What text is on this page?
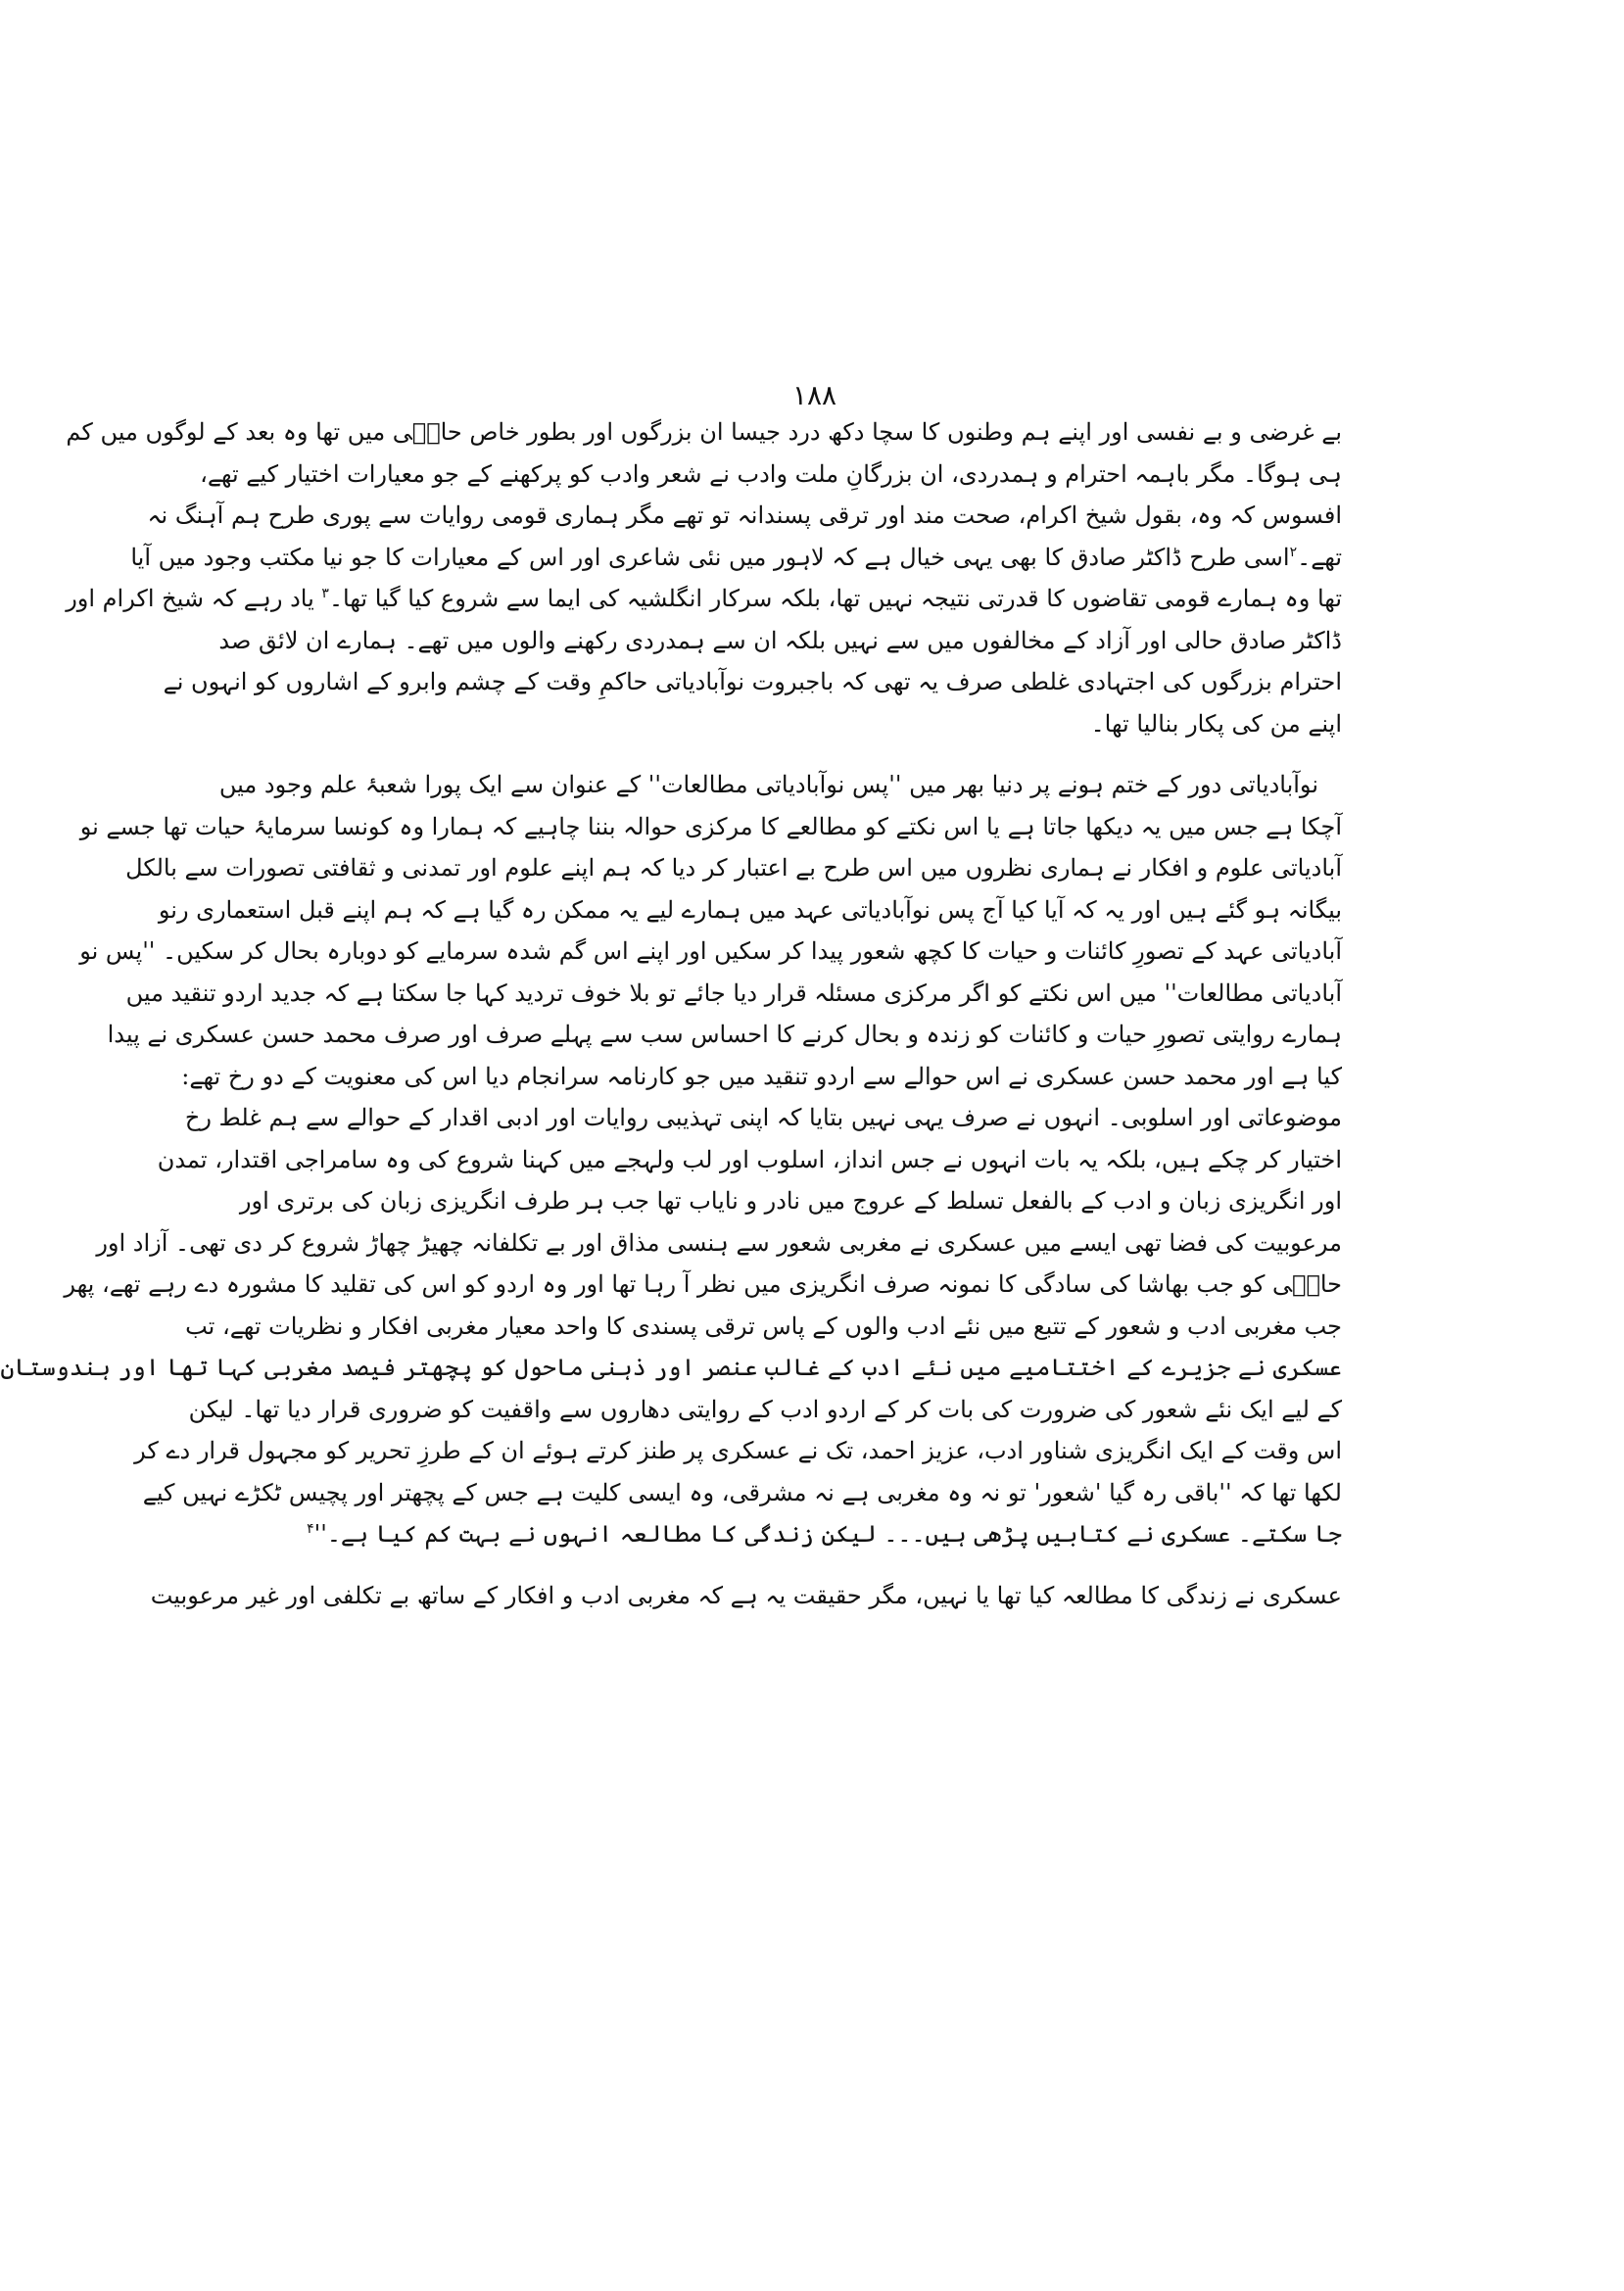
۱۸۸
بے غرضی و بے نفسی اور اپنے ہم وطنوں کا سچا دکھ درد جیسا ان بزرگوں اور بطور خاص حالؔی میں تھا وہ بعد کے لوگوں میں کم
ہی ہوگا۔ مگر باہمہ احترام و ہمدردی، ان بزرگانِ ملت وادب نے شعر وادب کو پرکھنے کے جو معیارات اختیار کیے تھے،
افسوس کہ وہ، بقول شیخ اکرام، صحت مند اور ترقی پسندانہ تو تھے مگر ہماری قومی روایات سے پوری طرح ہم آہنگ نہ
تھے۔$^۲$اسی طرح ڈاکٹر صادق کا بھی یہی خیال ہے کہ لاہور میں نئی شاعری اور اس کے معیارات کا جو نیا مکتب وجود میں آیا
تھا وہ ہمارے قومی تقاضوں کا قدرتی نتیجہ نہیں تھا، بلکہ سرکار انگلشیہ کی ایما سے شروع کیا گیا تھا۔$^۳$ یاد رہے کہ شیخ اکرام اور
ڈاکٹر صادق حالی اور آزاد کے مخالفوں میں سے نہیں بلکہ ان سے ہمدردی رکھنے والوں میں تھے۔ ہمارے ان لائق صد
احترام بزرگوں کی اجتہادی غلطی صرف یہ تھی کہ باجبروت نوآبادیاتی حاکمِ وقت کے چشم وابرو کے اشاروں کو انہوں نے
اپنے من کی پکار بنالیا تھا۔
نوآبادیاتی دور کے ختم ہونے پر دنیا بھر میں ''پس نوآبادیاتی مطالعات'' کے عنوان سے ایک پورا شعبۂ علم وجود میں
آچکا ہے جس میں یہ دیکھا جاتا ہے یا اس نکتے کو مطالعے کا مرکزی حوالہ بننا چاہیے کہ ہمارا وہ کونسا سرمایۂ حیات تھا جسے نو
آبادیاتی علوم و افکار نے ہماری نظروں میں اس طرح بے اعتبار کر دیا کہ ہم اپنے علوم اور تمدنی و ثقافتی تصورات سے بالکل
بیگانہ ہو گئے ہیں اور یہ کہ آیا کیا آج پس نوآبادیاتی عہد میں ہمارے لیے یہ ممکن رہ گیا ہے کہ ہم اپنے قبل استعماری رنو
آبادیاتی عہد کے تصورِ کائنات و حیات کا کچھ شعور پیدا کر سکیں اور اپنے اس گم شدہ سرمایے کو دوبارہ بحال کر سکیں۔ ''پس نو
آبادیاتی مطالعات'' میں اس نکتے کو اگر مرکزی مسئلہ قرار دیا جائے تو بلا خوف تردید کہا جا سکتا ہے کہ جدید اردو تنقید میں
ہمارے روایتی تصورِ حیات و کائنات کو زندہ و بحال کرنے کا احساس سب سے پہلے صرف اور صرف محمد حسن عسکری نے پیدا
کیا ہے اور محمد حسن عسکری نے اس حوالے سے اردو تنقید میں جو کارنامہ سرانجام دیا اس کی معنویت کے دو رخ تھے:
موضوعاتی اور اسلوبی۔ انہوں نے صرف یہی نہیں بتایا کہ اپنی تہذیبی روایات اور ادبی اقدار کے حوالے سے ہم غلط رخ
اختیار کر چکے ہیں، بلکہ یہ بات انہوں نے جس انداز، اسلوب اور لب ولہجے میں کہنا شروع کی وہ سامراجی اقتدار، تمدن
اور انگریزی زبان و ادب کے بالفعل تسلط کے عروج میں نادر و نایاب تھا جب ہر طرف انگریزی زبان کی برتری اور
مرعوبیت کی فضا تھی ایسے میں عسکری نے مغربی شعور سے ہنسی مذاق اور بے تکلفانہ چھیڑ چھاڑ شروع کر دی تھی۔ آزاد اور
حالؔی کو جب بھاشا کی سادگی کا نمونہ صرف انگریزی میں نظر آ رہا تھا اور وہ اردو کو اس کی تقلید کا مشورہ دے رہے تھے، پھر
جب مغربی ادب و شعور کے تتبع میں نئے ادب والوں کے پاس ترقی پسندی کا واحد معیار مغربی افکار و نظریات تھے، تب
عسکری نے جزیرے کے اختتامیے میں نئے ادب کے غالب عنصر اور ذہنی ماحول کو پچھتر فیصد مغربی کہا تھا اور ہندوستان
کے لیے ایک نئے شعور کی ضرورت کی بات کر کے اردو ادب کے روایتی دھاروں سے واقفیت کو ضروری قرار دیا تھا۔ لیکن
اس وقت کے ایک انگریزی شناور ادب، عزیز احمد، تک نے عسکری پر طنز کرتے ہوئے ان کے طرزِ تحریر کو مجہول قرار دے کر
لکھا تھا کہ ''باقی رہ گیا 'شعور' تو نہ وہ مغربی ہے نہ مشرقی، وہ ایسی کلیت ہے جس کے پچھتر اور پچیس ٹکڑے نہیں کیے
جا سکتے۔ عسکری نے کتابیں پڑھی ہیں۔۔۔ لیکن زندگی کا مطالعہ انہوں نے بہت کم کیا ہے۔''$^۴$
عسکری نے زندگی کا مطالعہ کیا تھا یا نہیں، مگر حقیقت یہ ہے کہ مغربی ادب و افکار کے ساتھ بے تکلفی اور غیر مرعوبیت
